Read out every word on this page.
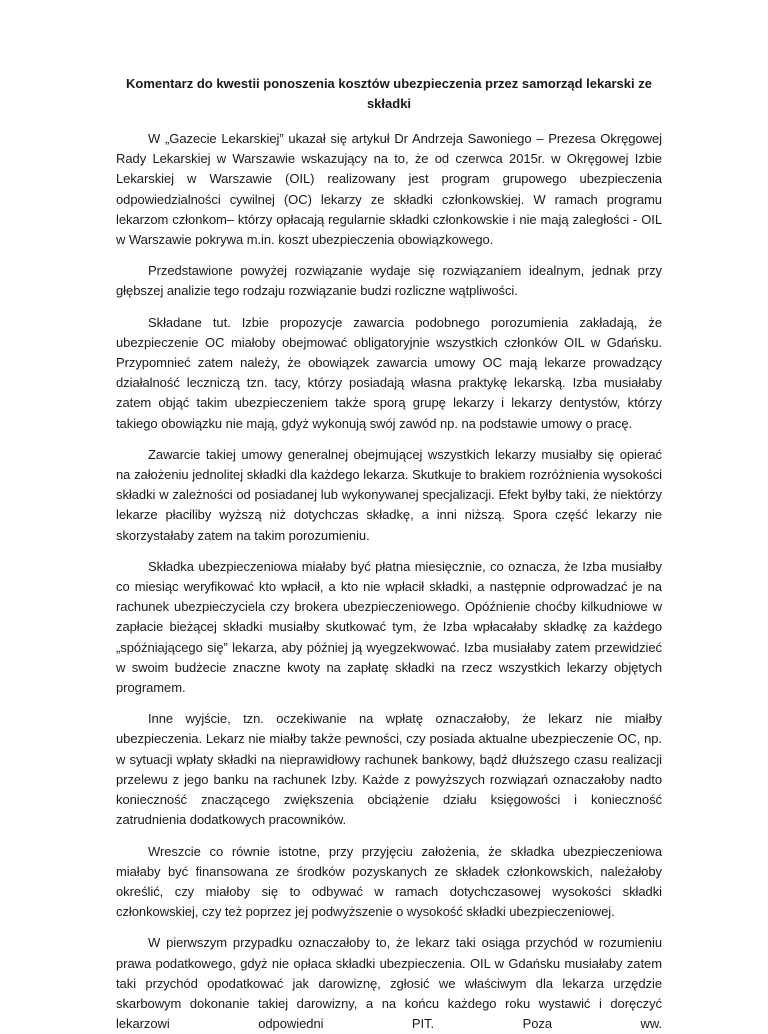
Komentarz do kwestii ponoszenia kosztów ubezpieczenia przez samorząd lekarski ze składki

W „Gazecie Lekarskiej” ukazał się artykuł Dr Andrzeja Sawoniego – Prezesa Okręgowej Rady Lekarskiej w Warszawie wskazujący na to, że od czerwca 2015r. w Okręgowej Izbie Lekarskiej w Warszawie (OIL) realizowany jest program grupowego ubezpieczenia odpowiedzialności cywilnej (OC) lekarzy ze składki członkowskiej. W ramach programu lekarzom członkom– którzy opłacają regularnie składki członkowskie i nie mają zaległości - OIL w Warszawie pokrywa m.in. koszt ubezpieczenia obowiązkowego.

Przedstawione powyżej rozwiązanie wydaje się rozwiązaniem idealnym, jednak przy głębszej analizie tego rodzaju rozwiązanie budzi rozliczne wątpliwości.

Składane tut. Izbie propozycje zawarcia podobnego porozumienia zakładają, że ubezpieczenie OC miałoby obejmować obligatoryjnie wszystkich członków OIL w Gdańsku. Przypomnieć zatem należy, że obowiązek zawarcia umowy OC mają lekarze prowadzący działalność leczniczą tzn. tacy, którzy posiadają własna praktykę lekarską. Izba musiałaby zatem objąć takim ubezpieczeniem także sporą grupę lekarzy i lekarzy dentystów, którzy takiego obowiązku nie mają, gdyż wykonują swój zawód np. na podstawie umowy o pracę.

Zawarcie takiej umowy generalnej obejmującej wszystkich lekarzy musiałby się opierać na założeniu jednolitej składki dla każdego lekarza. Skutkuje to brakiem rozróżnienia wysokości składki w zależności od posiadanej lub wykonywanej specjalizacji. Efekt byłby taki, że niektórzy lekarze płaciliby wyższą niż dotychczas składkę, a inni niższą. Spora część lekarzy nie skorzystałaby zatem na takim porozumieniu.

Składka ubezpieczeniowa miałaby być płatna miesięcznie, co oznacza, że Izba musiałby co miesiąc weryfikować kto wpłacił, a kto nie wpłacił składki, a następnie odprowadzać je na rachunek ubezpieczyciela czy brokera ubezpieczeniowego. Opóźnienie choćby kilkudniowe w zapłacie bieżącej składki musiałby skutkować tym, że Izba wpłacałaby składkę za każdego „spóźniającego się” lekarza, aby później ją wyegzekwować. Izba musiałaby zatem przewidzieć w swoim budżecie znaczne kwoty na zapłatę składki na rzecz wszystkich lekarzy objętych programem.

Inne wyjście, tzn. oczekiwanie na wpłatę oznaczałoby, że lekarz nie miałby ubezpieczenia. Lekarz nie miałby także pewności, czy posiada aktualne ubezpieczenie OC, np. w sytuacji wpłaty składki na nieprawidłowy rachunek bankowy, bądź dłuższego czasu realizacji przelewu z jego banku na rachunek Izby. Każde z powyższych rozwiązań oznaczałoby nadto konieczność znaczącego zwiększenia obciążenie działu księgowości i konieczność zatrudnienia dodatkowych pracowników.

Wreszcie co równie istotne, przy przyjęciu założenia, że składka ubezpieczeniowa miałaby być finansowana ze środków pozyskanych ze składek członkowskich, należałoby określić, czy miałoby się to odbywać w ramach dotychczasowej wysokości składki członkowskiej, czy też poprzez jej podwyższenie o wysokość składki ubezpieczeniowej.

W pierwszym przypadku oznaczałoby to, że lekarz taki osiąga przychód w rozumieniu prawa podatkowego, gdyż nie opłaca składki ubezpieczenia. OIL w Gdańsku musiałaby zatem taki przychód opodatkować jak darowiznę, zgłosić we właściwym dla lekarza urzędzie skarbowym dokonanie takiej darowizny, a na końcu każdego roku wystawić i doręczyć lekarzowi odpowiedni PIT. Poza ww.
